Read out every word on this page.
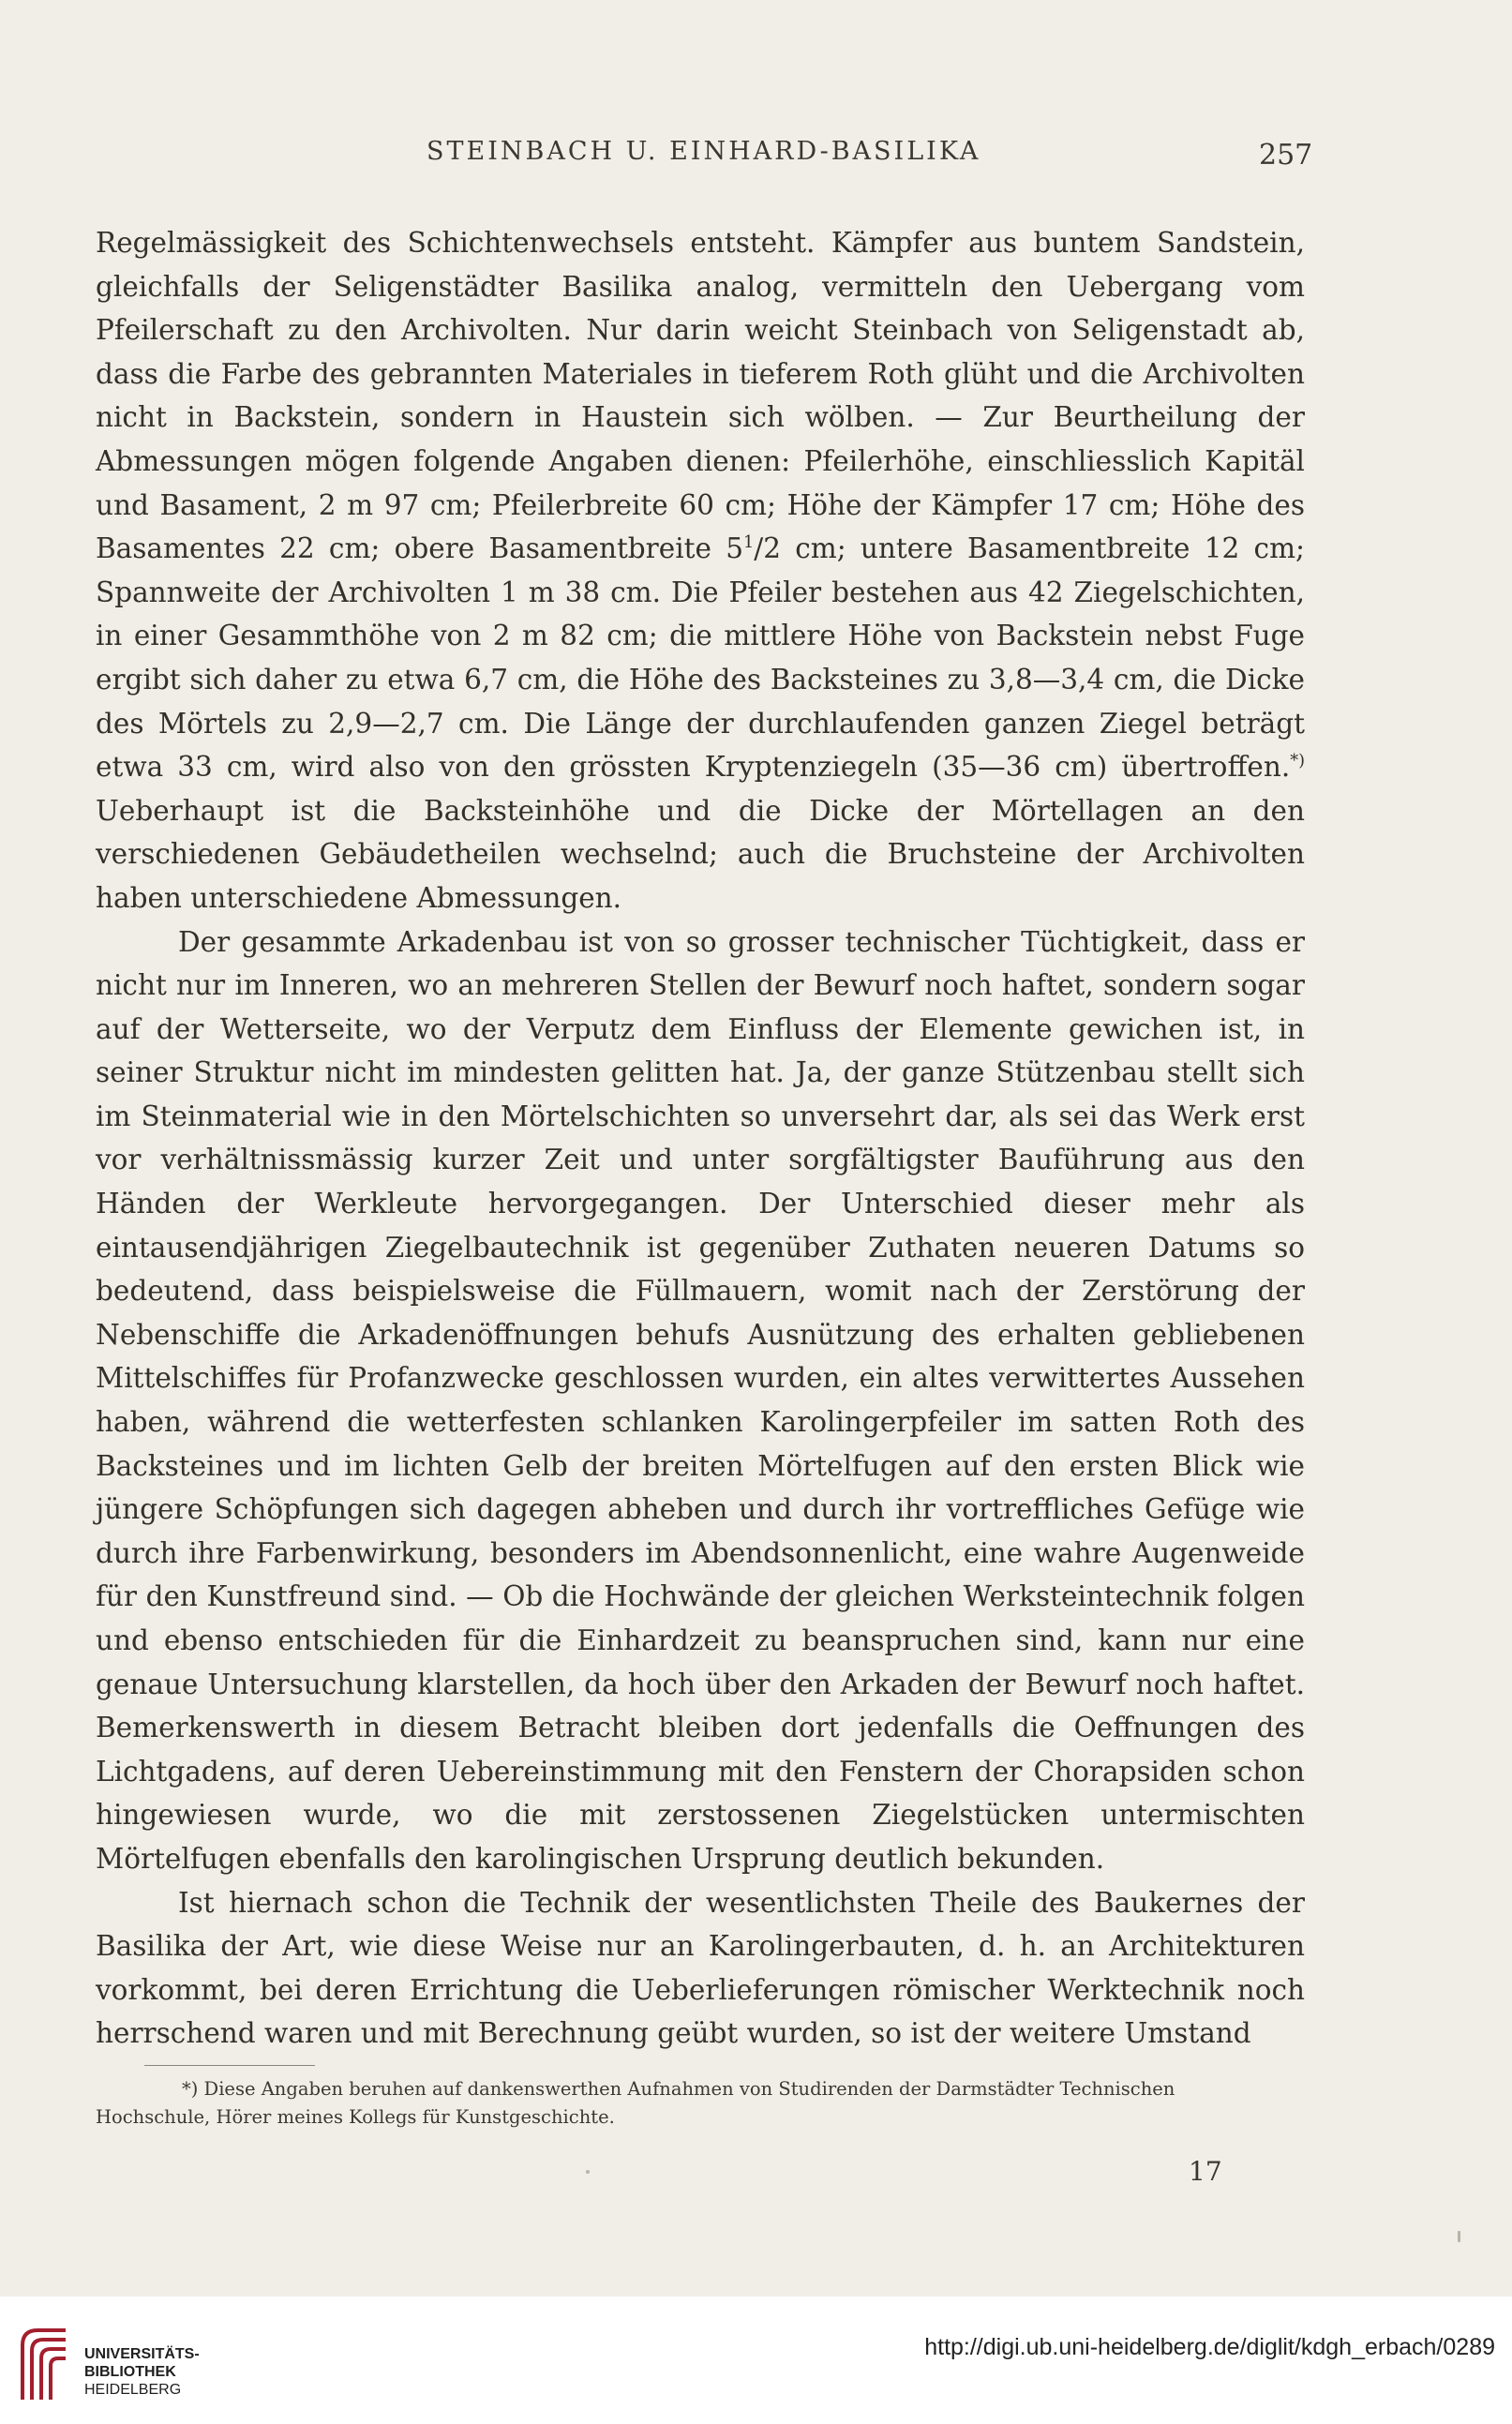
STEINBACH U. EINHARD-BASILIKA	257

Regelmässigkeit des Schichtenwechsels entsteht. Kämpfer aus buntem Sandstein, gleichfalls der Seligenstädter Basilika analog, vermitteln den Uebergang vom Pfeilerschaft zu den Archivolten. Nur darin weicht Steinbach von Seligenstadt ab, dass die Farbe des gebrannten Materiales in tieferem Roth glüht und die Archivolten nicht in Backstein, sondern in Haustein sich wölben. — Zur Beurtheilung der Abmessungen mögen folgende Angaben dienen: Pfeilerhöhe, einschliesslich Kapitäl und Basament, 2 m 97 cm; Pfeilerbreite 60 cm; Höhe der Kämpfer 17 cm; Höhe des Basamentes 22 cm; obere Basamentbreite $5^1/2$ cm; untere Basamentbreite 12 cm; Spannweite der Archivolten 1 m 38 cm. Die Pfeiler bestehen aus 42 Ziegelschichten, in einer Gesammthöhe von 2 m 82 cm; die mittlere Höhe von Backstein nebst Fuge ergibt sich daher zu etwa 6,7 cm, die Höhe des Backsteines zu 3,8—3,4 cm, die Dicke des Mörtels zu 2,9—2,7 cm. Die Länge der durchlaufenden ganzen Ziegel beträgt etwa 33 cm, wird also von den grössten Kryptenziegeln (35—36 cm) übertroffen.*) Ueberhaupt ist die Backsteinhöhe und die Dicke der Mörtellagen an den verschiedenen Gebäudetheilen wechselnd; auch die Bruchsteine der Archivolten haben unterschiedene Abmessungen.

Der gesammte Arkadenbau ist von so grosser technischer Tüchtigkeit, dass er nicht nur im Inneren, wo an mehreren Stellen der Bewurf noch haftet, sondern sogar auf der Wetterseite, wo der Verputz dem Einfluss der Elemente gewichen ist, in seiner Struktur nicht im mindesten gelitten hat. Ja, der ganze Stützenbau stellt sich im Steinmaterial wie in den Mörtelschichten so unversehrt dar, als sei das Werk erst vor verhältnissmässig kurzer Zeit und unter sorgfältigster Bauführung aus den Händen der Werkleute hervorgegangen. Der Unterschied dieser mehr als eintausendjährigen Ziegelbautechnik ist gegenüber Zuthaten neueren Datums so bedeutend, dass beispielsweise die Füllmauern, womit nach der Zerstörung der Nebenschiffe die Arkadenöffnungen behufs Ausnützung des erhalten gebliebenen Mittelschiffes für Profanzwecke geschlossen wurden, ein altes verwittertes Aussehen haben, während die wetterfesten schlanken Karolingerpfeiler im satten Roth des Backsteines und im lichten Gelb der breiten Mörtelfugen auf den ersten Blick wie jüngere Schöpfungen sich dagegen abheben und durch ihr vortreffliches Gefüge wie durch ihre Farbenwirkung, besonders im Abendsonnenlicht, eine wahre Augenweide für den Kunstfreund sind. — Ob die Hochwände der gleichen Werksteintechnik folgen und ebenso entschieden für die Einhardzeit zu beanspruchen sind, kann nur eine genaue Untersuchung klarstellen, da hoch über den Arkaden der Bewurf noch haftet. Bemerkenswerth in diesem Betracht bleiben dort jedenfalls die Oeffnungen des Lichtgadens, auf deren Uebereinstimmung mit den Fenstern der Chorapsiden schon hingewiesen wurde, wo die mit zerstossenen Ziegelstücken untermischten Mörtelfugen ebenfalls den karolingischen Ursprung deutlich bekunden.

Ist hiernach schon die Technik der wesentlichsten Theile des Baukernes der Basilika der Art, wie diese Weise nur an Karolingerbauten, d. h. an Architekturen vorkommt, bei deren Errichtung die Ueberlieferungen römischer Werktechnik noch herrschend waren und mit Berechnung geübt wurden, so ist der weitere Umstand

*) Diese Angaben beruhen auf dankenswerthen Aufnahmen von Studirenden der Darmstädter Technischen
Hochschule, Hörer meines Kollegs für Kunstgeschichte.
17
UNIVERSITÄTS-
BIBLIOTHEK
HEIDELBERG
http://digi.ub.uni-heidelberg.de/diglit/kdgh_erbach/0289
